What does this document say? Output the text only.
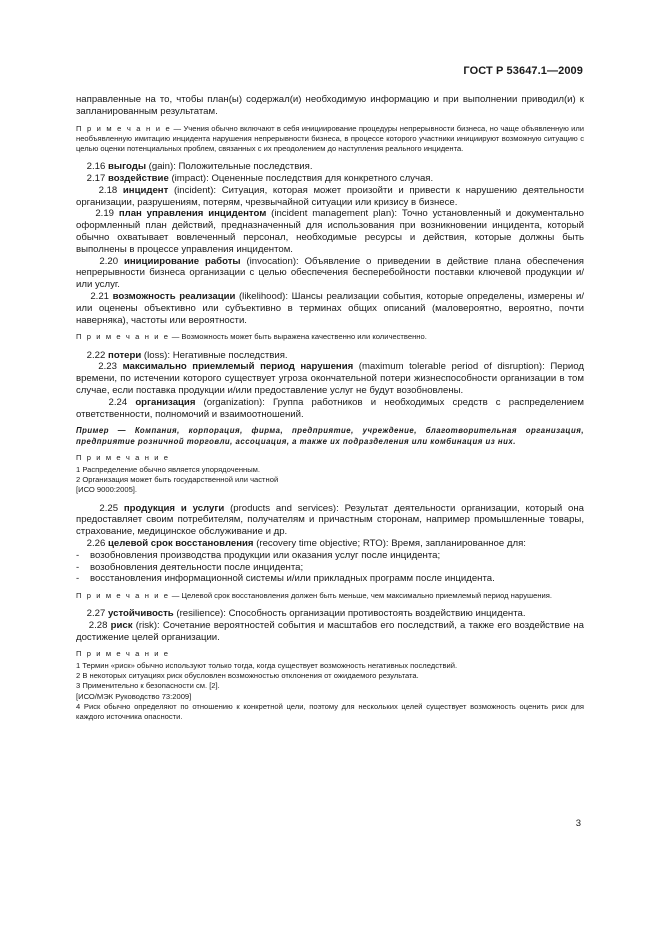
ГОСТ Р 53647.1—2009

направленные на то, чтобы план(ы) содержал(и) необходимую информацию и при выполнении приводил(и) к запланированным результатам.

П р и м е ч а н и е — Учения обычно включают в себя инициирование процедуры непрерывности бизнеса, но чаще объявленную или необъявленную имитацию инцидента нарушения непрерывности бизнеса, в процессе которого участники инициируют возможную ситуацию с целью оценки потенциальных проблем, связанных с их преодолением до наступления реального инцидента.

2.16 выгоды (gain): Положительные последствия.

2.17 воздействие (impact): Оцененные последствия для конкретного случая.

2.18 инцидент (incident): Ситуация, которая может произойти и привести к нарушению деятельности организации, разрушениям, потерям, чрезвычайной ситуации или кризису в бизнесе.

2.19 план управления инцидентом (incident management plan): Точно установленный и документально оформленный план действий, предназначенный для использования при возникновении инцидента, который обычно охватывает вовлеченный персонал, необходимые ресурсы и действия, которые должны быть выполнены в процессе управления инцидентом.

2.20 инициирование работы (invocation): Объявление о приведении в действие плана обеспечения непрерывности бизнеса организации с целью обеспечения бесперебойности поставки ключевой продукции и/или услуг.

2.21 возможность реализации (likelihood): Шансы реализации события, которые определены, измерены и/или оценены объективно или субъективно в терминах общих описаний (маловероятно, вероятно, почти наверняка), частоты или вероятности.

П р и м е ч а н и е — Возможность может быть выражена качественно или количественно.

2.22 потери (loss): Негативные последствия.

2.23 максимально приемлемый период нарушения (maximum tolerable period of disruption): Период времени, по истечении которого существует угроза окончательной потери жизнеспособности организации в том случае, если поставка продукции и/или предоставление услуг не будут возобновлены.

2.24 организация (organization): Группа работников и необходимых средств с распределением ответственности, полномочий и взаимоотношений.

Пример — Компания, корпорация, фирма, предприятие, учреждение, благотворительная организация, предприятие розничной торговли, ассоциация, а также их подразделения или комбинация из них.
П р и м е ч а н и е
1 Распределение обычно является упорядоченным.
2 Организация может быть государственной или частной
[ИСО 9000:2005].

2.25 продукция и услуги (products and services): Результат деятельности организации, который она предоставляет своим потребителям, получателям и причастным сторонам, например промышленные товары, страхование, медицинское обслуживание и др.

2.26 целевой срок восстановления (recovery time objective; RTO): Время, запланированное для:

- возобновления производства продукции или оказания услуг после инцидента;
- возобновления деятельности после инцидента;
- восстановления информационной системы и/или прикладных программ после инцидента.
П р и м е ч а н и е — Целевой срок восстановления должен быть меньше, чем максимально приемлемый период нарушения.

2.27 устойчивость (resilience): Способность организации противостоять воздействию инцидента.

2.28 риск (risk): Сочетание вероятностей события и масштабов его последствий, а также его воздействие на достижение целей организации.

П р и м е ч а н и е
1 Термин «риск» обычно используют только тогда, когда существует возможность негативных последствий.
2 В некоторых ситуациях риск обусловлен возможностью отклонения от ожидаемого результата.
3 Применительно к безопасности см. [2].
[ИСО/МЭК Руководство 73:2009]
4 Риск обычно определяют по отношению к конкретной цели, поэтому для нескольких целей существует возможность оценить риск для каждого источника опасности.
3
